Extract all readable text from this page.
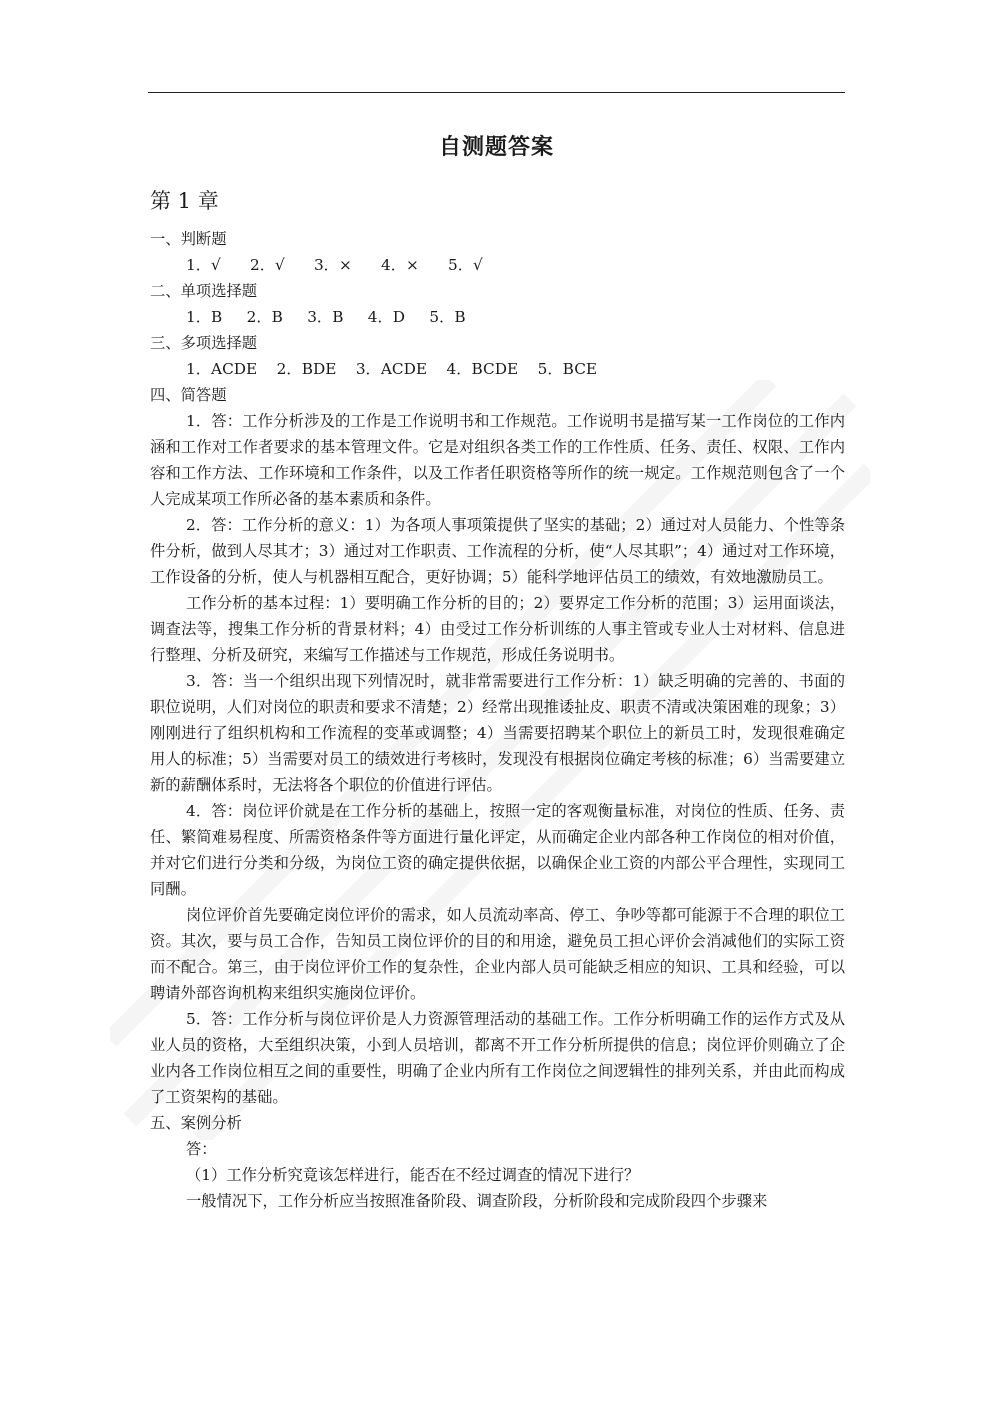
自测题答案
第 1 章

一、判断题

1．√ 2．√ 3．× 4．× 5．√

二、单项选择题

1．B 2．B 3．B 4．D 5．B

三、多项选择题

1．ACDE 2．BDE 3．ACDE 4．BCDE 5．BCE

四、简答题

1．答：工作分析涉及的工作是工作说明书和工作规范。工作说明书是描写某一工作岗位的工作内涵和工作对工作者要求的基本管理文件。它是对组织各类工作的工作性质、任务、责任、权限、工作内容和工作方法、工作环境和工作条件，以及工作者任职资格等所作的统一规定。工作规范则包含了一个人完成某项工作所必备的基本素质和条件。

2．答：工作分析的意义：1）为各项人事项策提供了坚实的基础；2）通过对人员能力、个性等条件分析，做到人尽其才；3）通过对工作职责、工作流程的分析，使“人尽其职”；4）通过对工作环境，工作设备的分析，使人与机器相互配合，更好协调；5）能科学地评估员工的绩效，有效地激励员工。

工作分析的基本过程：1）要明确工作分析的目的；2）要界定工作分析的范围；3）运用面谈法，调查法等，搜集工作分析的背景材料；4）由受过工作分析训练的人事主管或专业人士对材料、信息进行整理、分析及研究，来编写工作描述与工作规范，形成任务说明书。

3．答：当一个组织出现下列情况时，就非常需要进行工作分析：1）缺乏明确的完善的、书面的职位说明，人们对岗位的职责和要求不清楚；2）经常出现推诿扯皮、职责不清或决策困难的现象；3）刚刚进行了组织机构和工作流程的变革或调整；4）当需要招聘某个职位上的新员工时，发现很难确定用人的标准；5）当需要对员工的绩效进行考核时，发现没有根据岗位确定考核的标准；6）当需要建立新的薪酬体系时，无法将各个职位的价值进行评估。

4．答：岗位评价就是在工作分析的基础上，按照一定的客观衡量标准，对岗位的性质、任务、责任、繁简难易程度、所需资格条件等方面进行量化评定，从而确定企业内部各种工作岗位的相对价值，并对它们进行分类和分级，为岗位工资的确定提供依据，以确保企业工资的内部公平合理性，实现同工同酬。

岗位评价首先要确定岗位评价的需求，如人员流动率高、停工、争吵等都可能源于不合理的职位工资。其次，要与员工合作，告知员工岗位评价的目的和用途，避免员工担心评价会消减他们的实际工资而不配合。第三，由于岗位评价工作的复杂性，企业内部人员可能缺乏相应的知识、工具和经验，可以聘请外部咨询机构来组织实施岗位评价。

5．答：工作分析与岗位评价是人力资源管理活动的基础工作。工作分析明确工作的运作方式及从业人员的资格，大至组织决策，小到人员培训，都离不开工作分析所提供的信息；岗位评价则确立了企业内各工作岗位相互之间的重要性，明确了企业内所有工作岗位之间逻辑性的排列关系，并由此而构成了工资架构的基础。

五、案例分析

答：

（1）工作分析究竟该怎样进行，能否在不经过调查的情况下进行？

一般情况下，工作分析应当按照准备阶段、调查阶段，分析阶段和完成阶段四个步骤来
